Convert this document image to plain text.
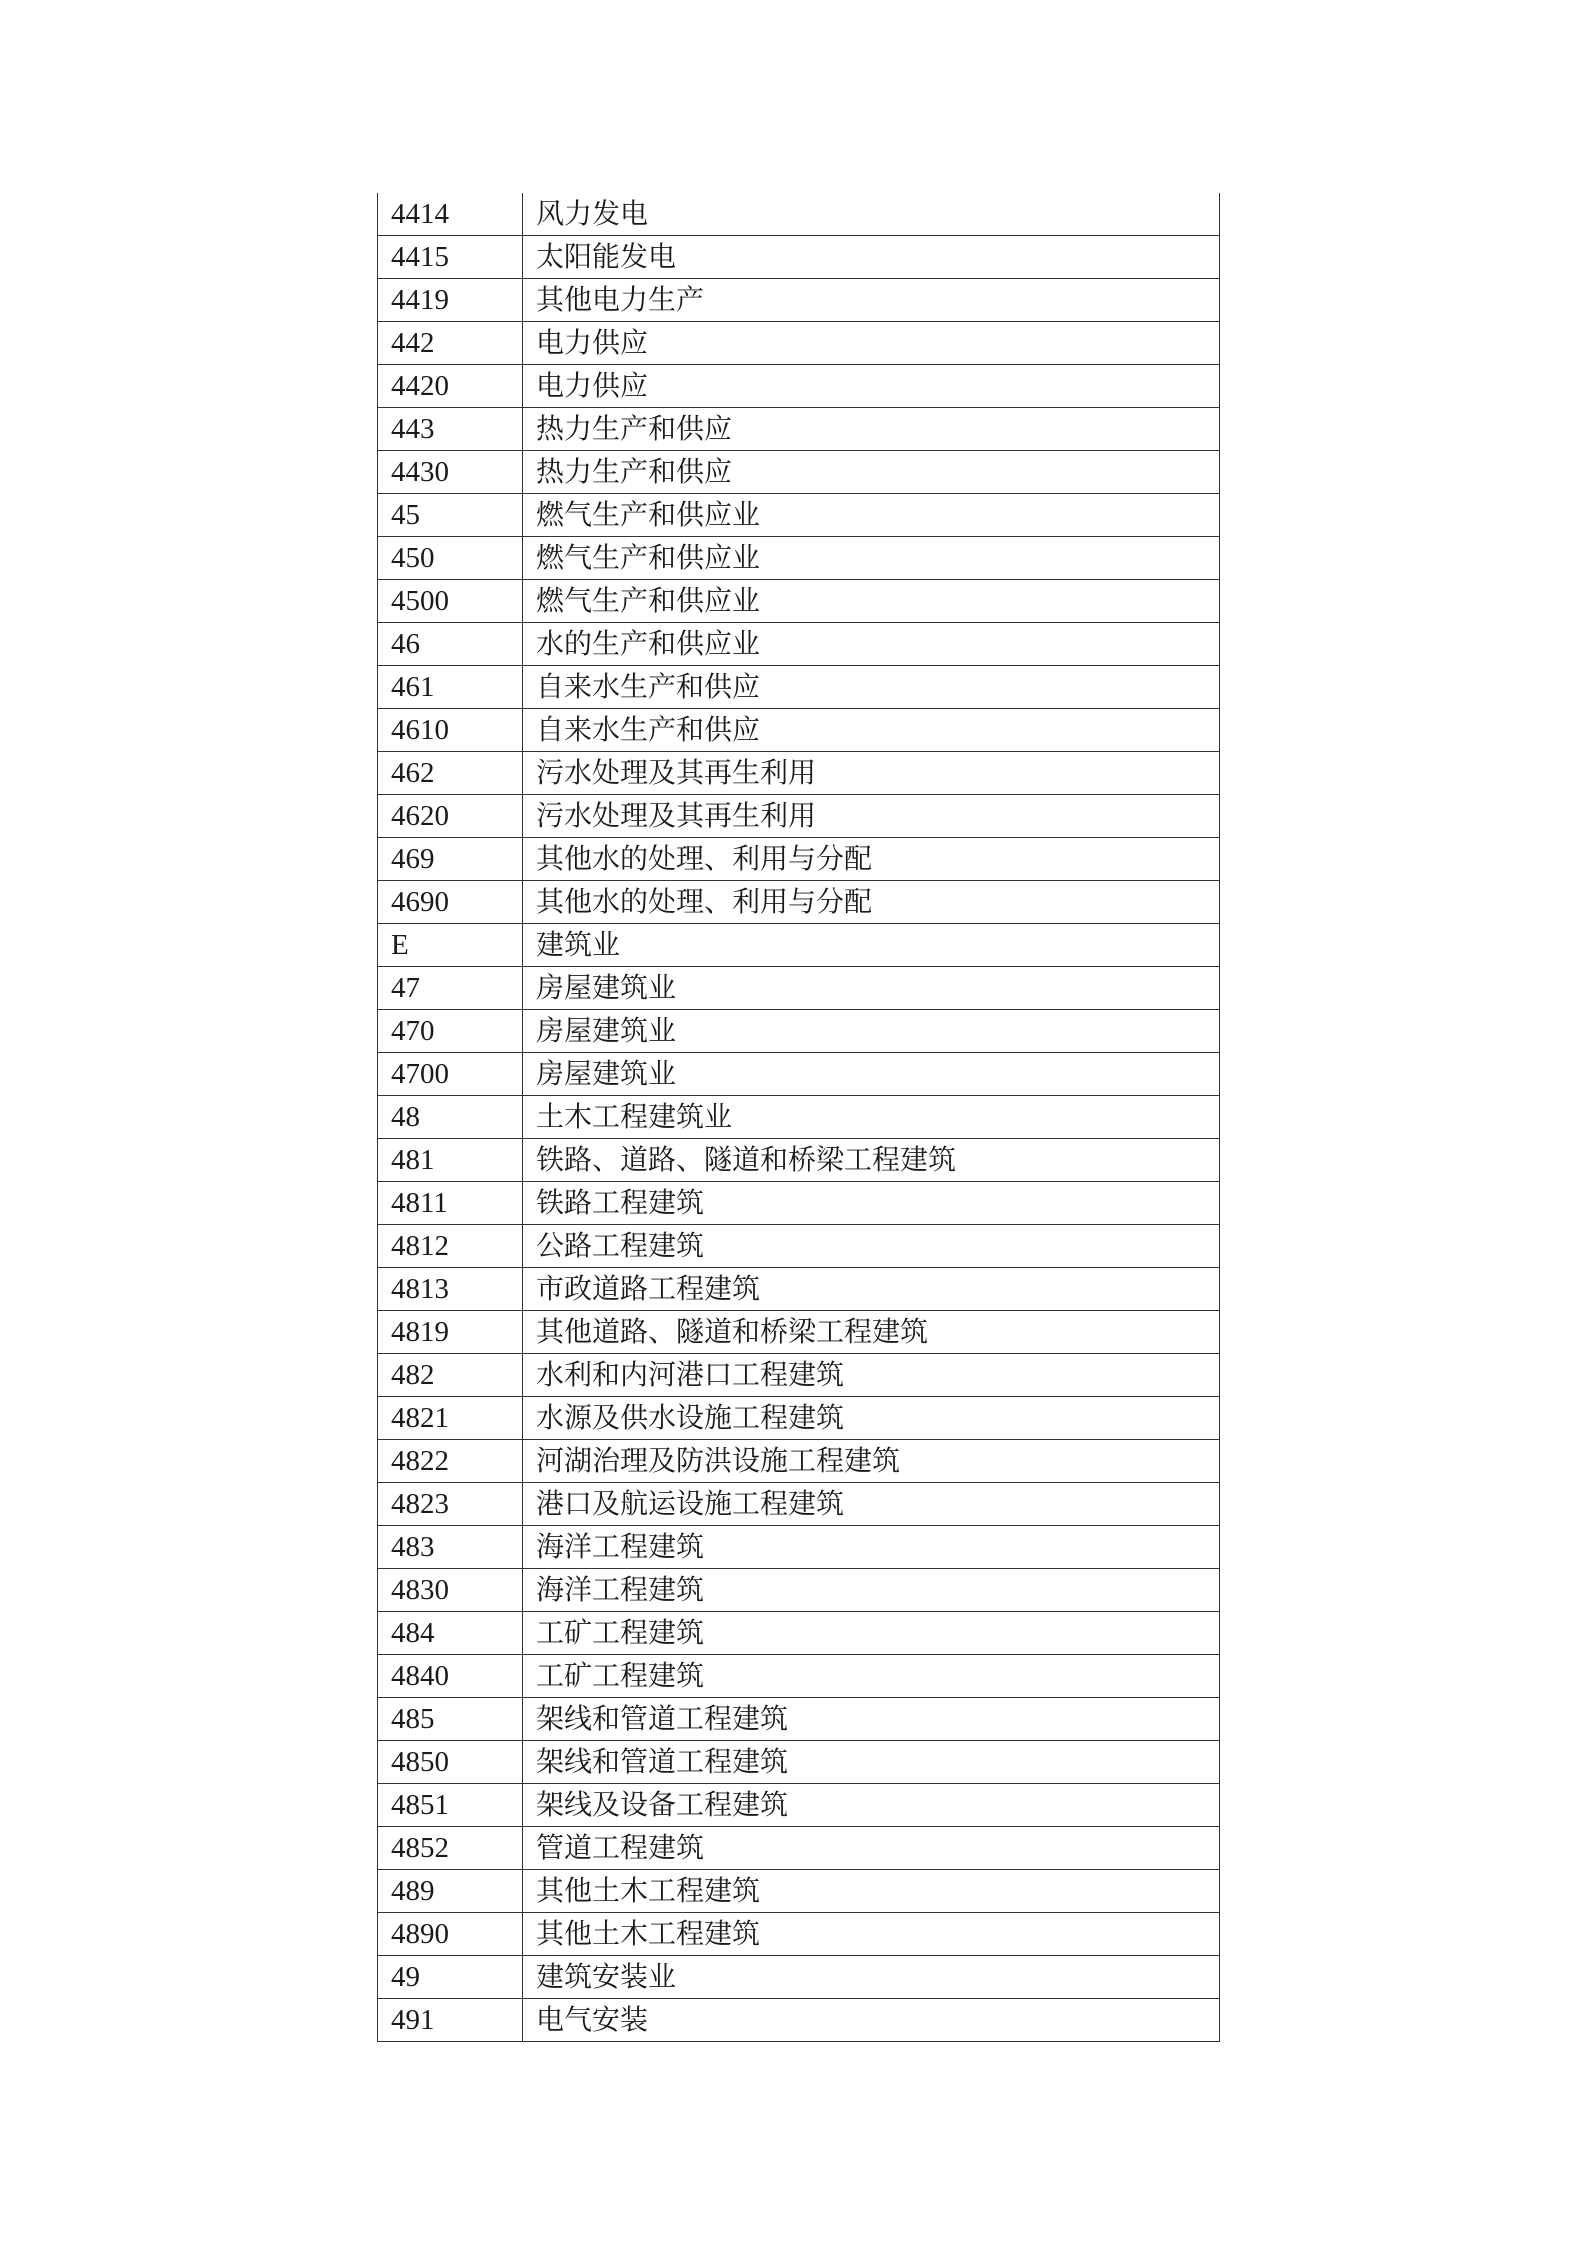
4414	风力发电
4415	太阳能发电
4419	其他电力生产
442	电力供应
4420	电力供应
443	热力生产和供应
4430	热力生产和供应
45	燃气生产和供应业
450	燃气生产和供应业
4500	燃气生产和供应业
46	水的生产和供应业
461	自来水生产和供应
4610	自来水生产和供应
462	污水处理及其再生利用
4620	污水处理及其再生利用
469	其他水的处理、利用与分配
4690	其他水的处理、利用与分配
E	建筑业
47	房屋建筑业
470	房屋建筑业
4700	房屋建筑业
48	土木工程建筑业
481	铁路、道路、隧道和桥梁工程建筑
4811	铁路工程建筑
4812	公路工程建筑
4813	市政道路工程建筑
4819	其他道路、隧道和桥梁工程建筑
482	水利和内河港口工程建筑
4821	水源及供水设施工程建筑
4822	河湖治理及防洪设施工程建筑
4823	港口及航运设施工程建筑
483	海洋工程建筑
4830	海洋工程建筑
484	工矿工程建筑
4840	工矿工程建筑
485	架线和管道工程建筑
4850	架线和管道工程建筑
4851	架线及设备工程建筑
4852	管道工程建筑
489	其他土木工程建筑
4890	其他土木工程建筑
49	建筑安装业
491	电气安装
